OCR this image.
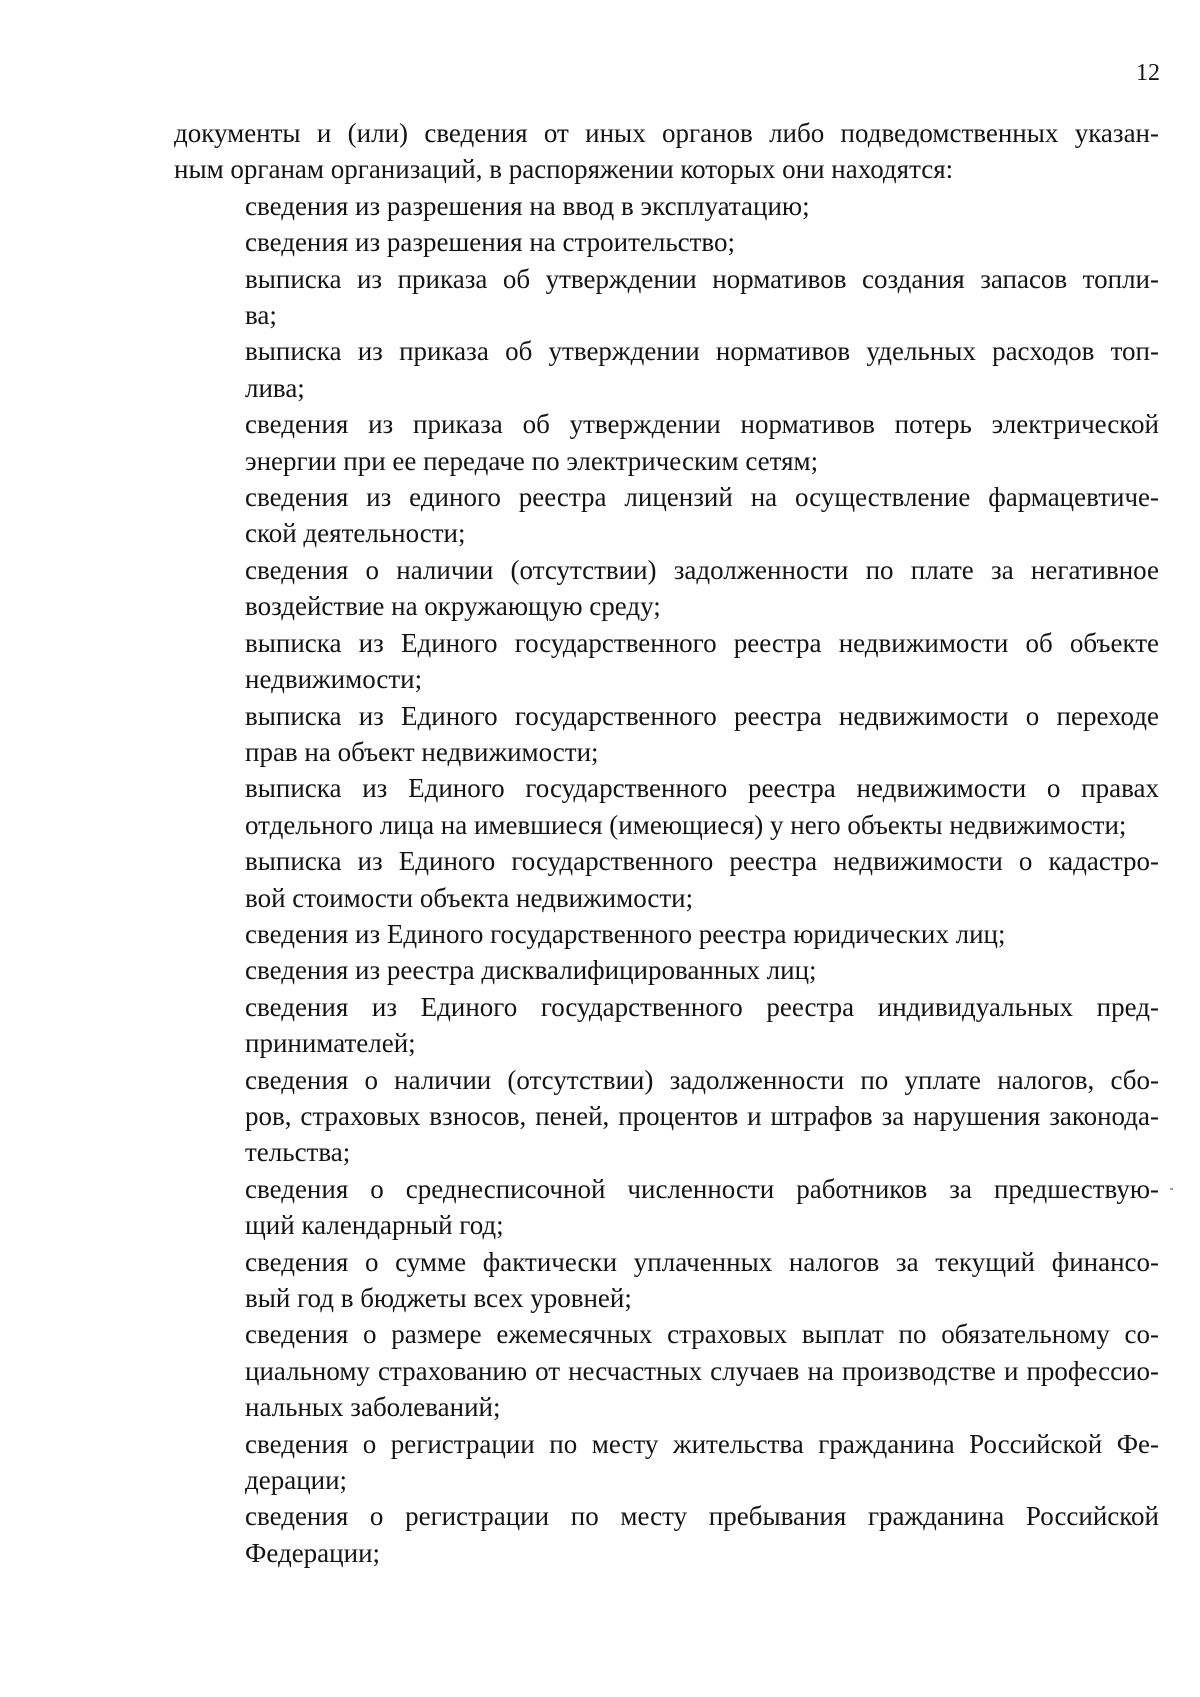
12

документы и (или) сведения от иных органов либо подведомственных указан-
ным органам организаций, в распоряжении которых они находятся:

сведения из разрешения на ввод в эксплуатацию;

сведения из разрешения на строительство;

выписка из приказа об утверждении нормативов создания запасов топли-
ва;

выписка из приказа об утверждении нормативов удельных расходов топ-
лива;

сведения из приказа об утверждении нормативов потерь электрической
энергии при ее передаче по электрическим сетям;

сведения из единого реестра лицензий на осуществление фармацевтиче-
ской деятельности;

сведения о наличии (отсутствии) задолженности по плате за негативное
воздействие на окружающую среду;

выписка из Единого государственного реестра недвижимости об объекте
недвижимости;

выписка из Единого государственного реестра недвижимости о переходе
прав на объект недвижимости;

выписка из Единого государственного реестра недвижимости о правах
отдельного лица на имевшиеся (имеющиеся) у него объекты недвижимости;

выписка из Единого государственного реестра недвижимости о кадастро-
вой стоимости объекта недвижимости;

сведения из Единого государственного реестра юридических лиц;

сведения из реестра дисквалифицированных лиц;

сведения из Единого государственного реестра индивидуальных пред-
принимателей;

сведения о наличии (отсутствии) задолженности по уплате налогов, сбо-
ров, страховых взносов, пеней, процентов и штрафов за нарушения законода-
тельства;

сведения о среднесписочной численности работников за предшествую-
щий календарный год;

сведения о сумме фактически уплаченных налогов за текущий финансо-
вый год в бюджеты всех уровней;

сведения о размере ежемесячных страховых выплат по обязательному со-
циальному страхованию от несчастных случаев на производстве и профессио-
нальных заболеваний;

сведения о регистрации по месту жительства гражданина Российской Фе-
дерации;

сведения о регистрации по месту пребывания гражданина Российской
Федерации;
